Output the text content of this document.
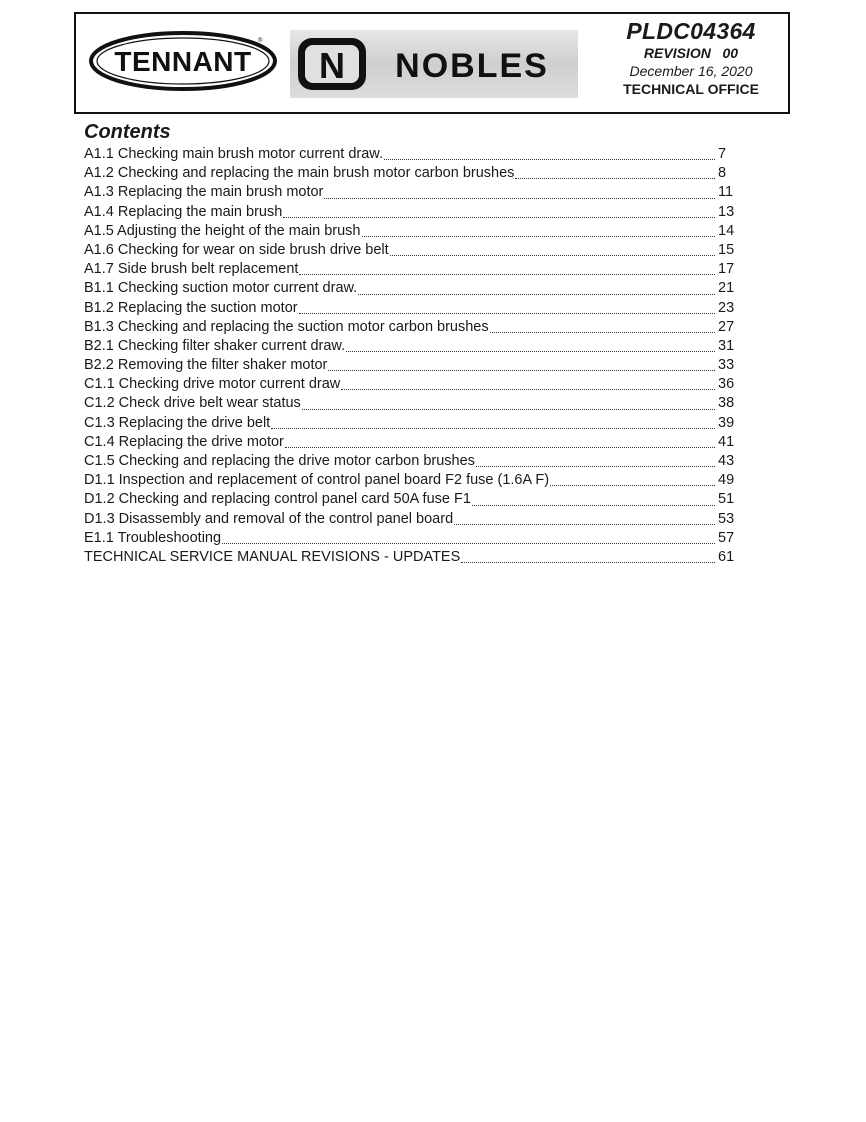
TENNANT
®
N NOBLES
PLDC04364
REVISION   00
December 16, 2020
TECHNICAL OFFICE
Contents
A1.1 Checking main brush motor current draw.	7
A1.2 Checking and replacing the main brush motor carbon brushes	8
A1.3 Replacing the main brush motor	11
A1.4 Replacing the main brush	13
A1.5 Adjusting the height of the main brush	14
A1.6 Checking for wear on side brush drive belt	15
A1.7 Side brush belt replacement	17
B1.1 Checking suction motor current draw.	21
B1.2 Replacing the suction motor	23
B1.3 Checking and replacing the suction motor carbon brushes	27
B2.1 Checking filter shaker current draw.	31
B2.2 Removing the filter shaker motor	33
C1.1 Checking drive motor current draw	36
C1.2 Check drive belt wear status	38
C1.3 Replacing the drive belt	39
C1.4 Replacing the drive motor	41
C1.5 Checking and replacing the drive motor carbon brushes	43
D1.1 Inspection and replacement of control panel board F2 fuse (1.6A F)	49
D1.2 Checking and replacing control panel card 50A fuse F1	51
D1.3 Disassembly and removal of the control panel board	53
E1.1 Troubleshooting	57
TECHNICAL SERVICE MANUAL REVISIONS - UPDATES	61
